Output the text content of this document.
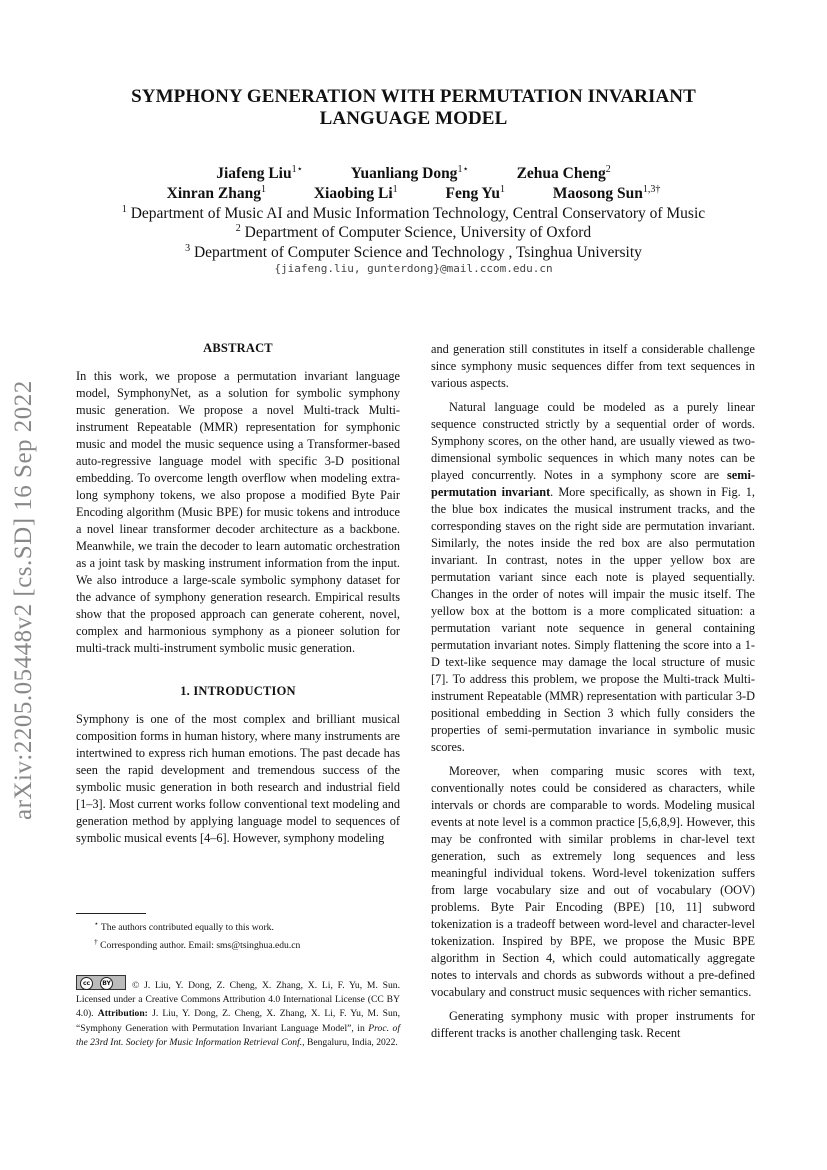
SYMPHONY GENERATION WITH PERMUTATION INVARIANT LANGUAGE MODEL
Jiafeng Liu$^{1⋆}$	Yuanliang Dong$^{1⋆}$	Zehua Cheng$^2$
Xinran Zhang$^1$	Xiaobing Li$^1$	Feng Yu$^1$	Maosong Sun$^{1,3\dagger}$
$^1$ Department of Music AI and Music Information Technology, Central Conservatory of Music
$^2$ Department of Computer Science, University of Oxford
$^3$ Department of Computer Science and Technology , Tsinghua University
{jiafeng.liu, gunterdong}@mail.ccom.edu.cn
arXiv:2205.05448v2 [cs.SD] 16 Sep 2022
ABSTRACT

In this work, we propose a permutation invariant language model, SymphonyNet, as a solution for symbolic symphony music generation. We propose a novel Multi-track Multi-instrument Repeatable (MMR) representation for symphonic music and model the music sequence using a Transformer-based auto-regressive language model with specific 3-D positional embedding. To overcome length overflow when modeling extra-long symphony tokens, we also propose a modified Byte Pair Encoding algorithm (Music BPE) for music tokens and introduce a novel linear transformer decoder architecture as a backbone. Meanwhile, we train the decoder to learn automatic orchestration as a joint task by masking instrument information from the input. We also introduce a large-scale symbolic symphony dataset for the advance of symphony generation research. Empirical results show that the proposed approach can generate coherent, novel, complex and harmonious symphony as a pioneer solution for multi-track multi-instrument symbolic music generation.

1. INTRODUCTION

Symphony is one of the most complex and brilliant musical composition forms in human history, where many instruments are intertwined to express rich human emotions. The past decade has seen the rapid development and tremendous success of the symbolic music generation in both research and industrial field [1–3]. Most current works follow conventional text modeling and generation method by applying language model to sequences of symbolic musical events [4–6]. However, symphony modeling

⋆ The authors contributed equally to this work.
† Corresponding author. Email: sms@tsinghua.edu.cn
cc	BY © J. Liu, Y. Dong, Z. Cheng, X. Zhang, X. Li, F. Yu, M. Sun. Licensed under a Creative Commons Attribution 4.0 International License (CC BY 4.0). Attribution: J. Liu, Y. Dong, Z. Cheng, X. Zhang, X. Li, F. Yu, M. Sun, “Symphony Generation with Permutation Invariant Language Model”, in Proc. of the 23rd Int. Society for Music Information Retrieval Conf., Bengaluru, India, 2022.

and generation still constitutes in itself a considerable challenge since symphony music sequences differ from text sequences in various aspects.

Natural language could be modeled as a purely linear sequence constructed strictly by a sequential order of words. Symphony scores, on the other hand, are usually viewed as two-dimensional symbolic sequences in which many notes can be played concurrently. Notes in a symphony score are semi-permutation invariant. More specifically, as shown in Fig. 1, the blue box indicates the musical instrument tracks, and the corresponding staves on the right side are permutation invariant. Similarly, the notes inside the red box are also permutation invariant. In contrast, notes in the upper yellow box are permutation variant since each note is played sequentially. Changes in the order of notes will impair the music itself. The yellow box at the bottom is a more complicated situation: a permutation variant note sequence in general containing permutation invariant notes. Simply flattening the score into a 1-D text-like sequence may damage the local structure of music [7]. To address this problem, we propose the Multi-track Multi-instrument Repeatable (MMR) representation with particular 3-D positional embedding in Section 3 which fully considers the properties of semi-permutation invariance in symbolic music scores.

Moreover, when comparing music scores with text, conventionally notes could be considered as characters, while intervals or chords are comparable to words. Modeling musical events at note level is a common practice [5,6,8,9]. However, this may be confronted with similar problems in char-level text generation, such as extremely long sequences and less meaningful individual tokens. Word-level tokenization suffers from large vocabulary size and out of vocabulary (OOV) problems. Byte Pair Encoding (BPE) [10, 11] subword tokenization is a tradeoff between word-level and character-level tokenization. Inspired by BPE, we propose the Music BPE algorithm in Section 4, which could automatically aggregate notes to intervals and chords as subwords without a pre-defined vocabulary and construct music sequences with richer semantics.

Generating symphony music with proper instruments for different tracks is another challenging task. Recent
